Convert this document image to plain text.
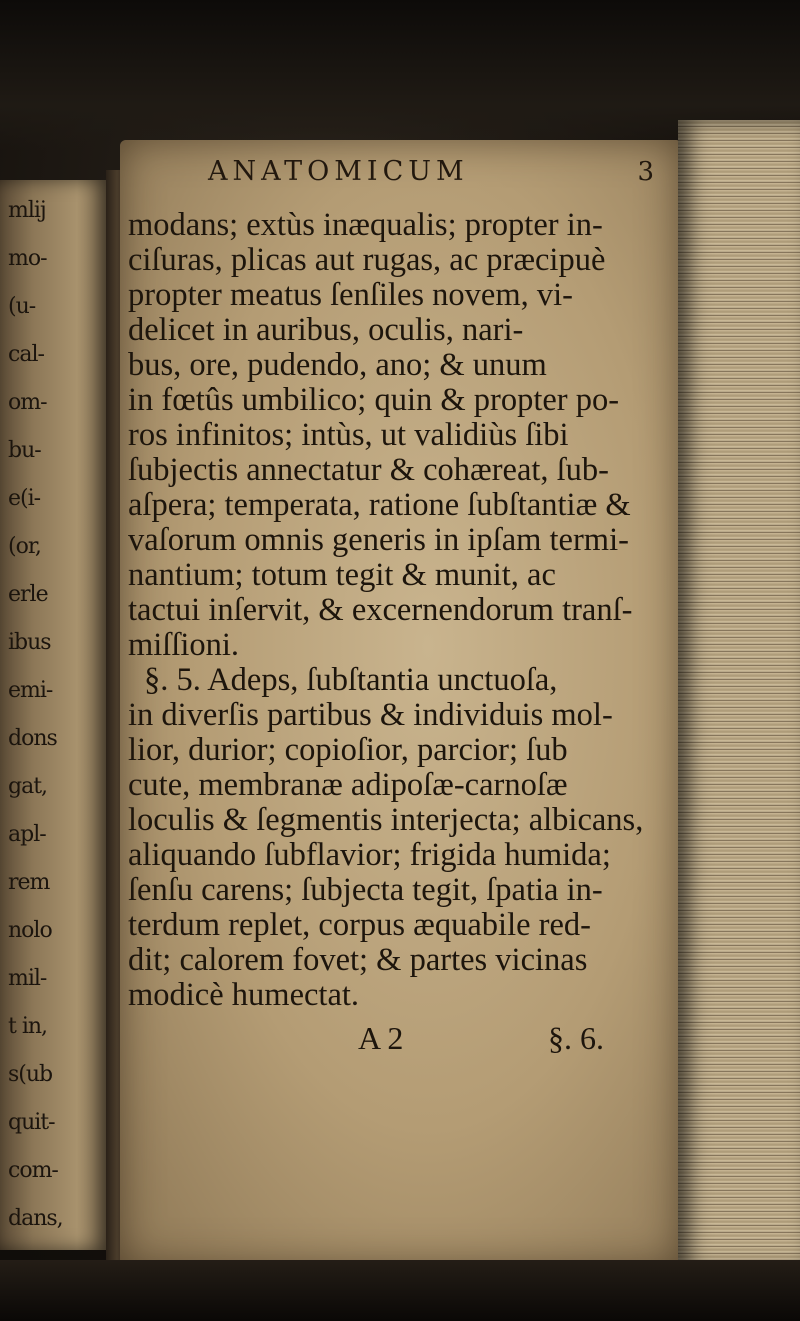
mlij
mo-
(u-
cal-
om-
bu-
e(i-
(or,
erle
ibus
emi-
dons
gat,
apl-
rem
nolo
mil-
t in,
s(ub
quit-
com-
dans,
ANATOMICUM	3
modans; extùs inæqualis; propter in-
ciſuras, plicas aut rugas, ac præcipuè
propter meatus ſenſiles novem, vi-
delicet in auribus, oculis, nari-
bus, ore, pudendo, ano; & unum
in fœtûs umbilico; quin & propter po-
ros infinitos; intùs, ut validiùs ſibi
ſubjectis annectatur & cohæreat, ſub-
aſpera; temperata, ratione ſubſtantiæ &
vaſorum omnis generis in ipſam termi-
nantium; totum tegit & munit, ac
tactui inſervit, & excernendorum tranſ-
miſſioni.
§. 5. Adeps, ſubſtantia unctuoſa,
in diverſis partibus & individuis mol-
lior, durior; copioſior, parcior; ſub
cute, membranæ adipoſæ-carnoſæ
loculis & ſegmentis interjecta; albicans,
aliquando ſubflavior; frigida humida;
ſenſu carens; ſubjecta tegit, ſpatia in-
terdum replet, corpus æquabile red-
dit; calorem fovet; & partes vicinas
modicè humectat.
A 2	§. 6.
